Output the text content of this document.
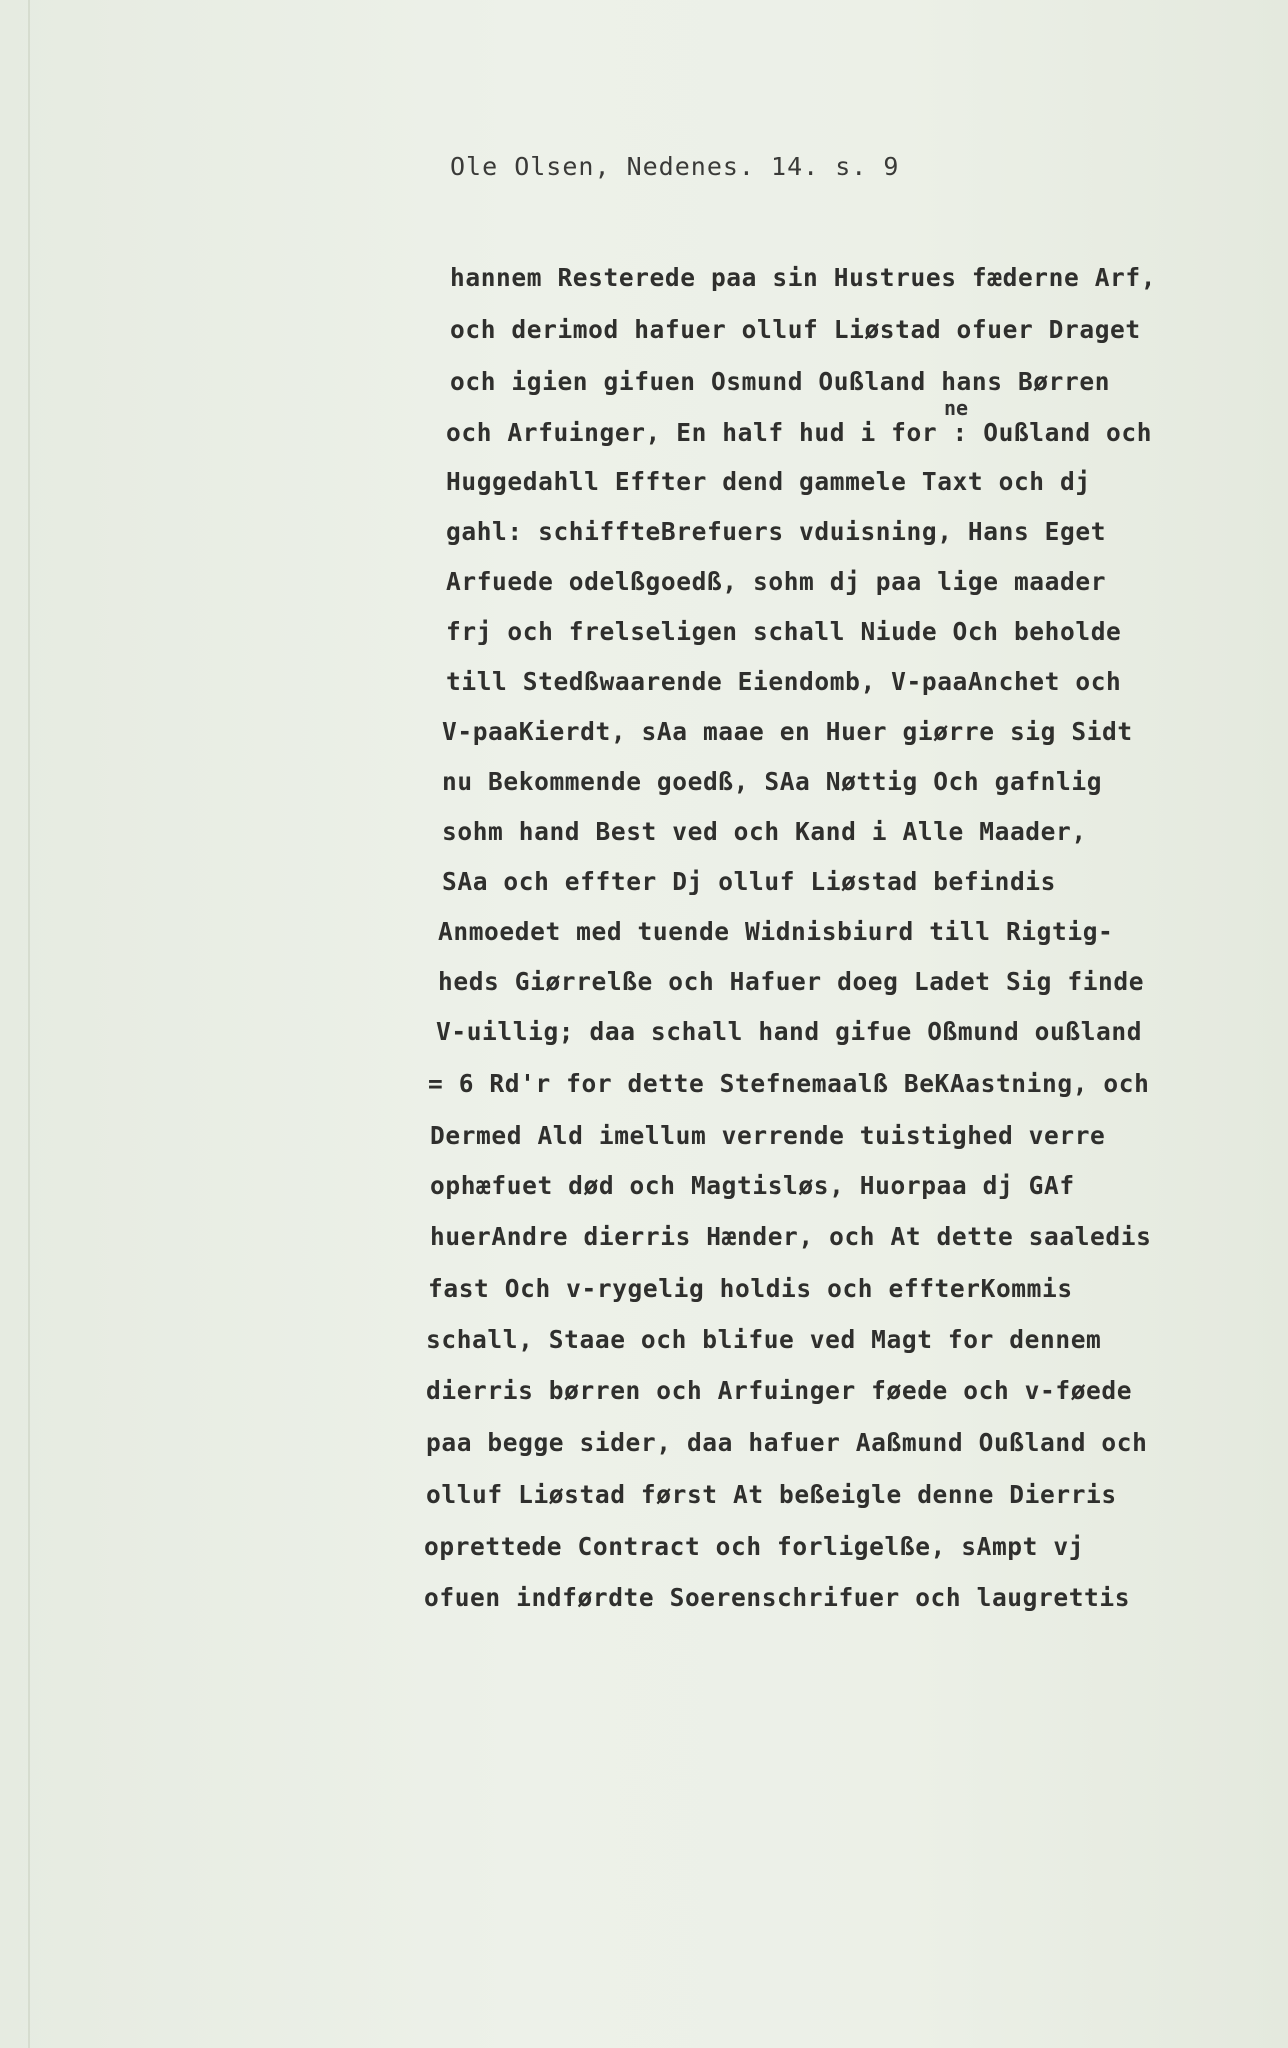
Ole Olsen, Nedenes. 14. s. 9
ne
hannem Resterede paa sin Hustrues fæderne Arf,
och derimod hafuer olluf Liøstad ofuer Draget
och igien gifuen Osmund Oußland hans Børren
och Arfuinger, En half hud i for : Oußland och
Huggedahll Effter dend gammele Taxt och dj
gahl: schiffteBrefuers vduisning, Hans Eget
Arfuede odelßgoedß, sohm dj paa lige maader
frj och frelseligen schall Niude Och beholde
till Stedßwaarende Eiendomb, V-paaAnchet och
V-paaKierdt, sAa maae en Huer giørre sig Sidt
nu Bekommende goedß, SAa Nøttig Och gafnlig
sohm hand Best ved och Kand i Alle Maader,
SAa och effter Dj olluf Liøstad befindis
Anmoedet med tuende Widnisbiurd till Rigtig-
heds Giørrelße och Hafuer doeg Ladet Sig finde
V-uillig; daa schall hand gifue Oßmund oußland
= 6 Rd'r for dette Stefnemaalß BeKAastning, och
Dermed Ald imellum verrende tuistighed verre
ophæfuet død och Magtisløs, Huorpaa dj GAf
huerAndre dierris Hænder, och At dette saaledis
fast Och v-rygelig holdis och effterKommis
schall, Staae och blifue ved Magt for dennem
dierris børren och Arfuinger føede och v-føede
paa begge sider, daa hafuer Aaßmund Oußland och
olluf Liøstad først At beßeigle denne Dierris
oprettede Contract och forligelße, sAmpt vj
ofuen indførdte Soerenschrifuer och laugrettis
